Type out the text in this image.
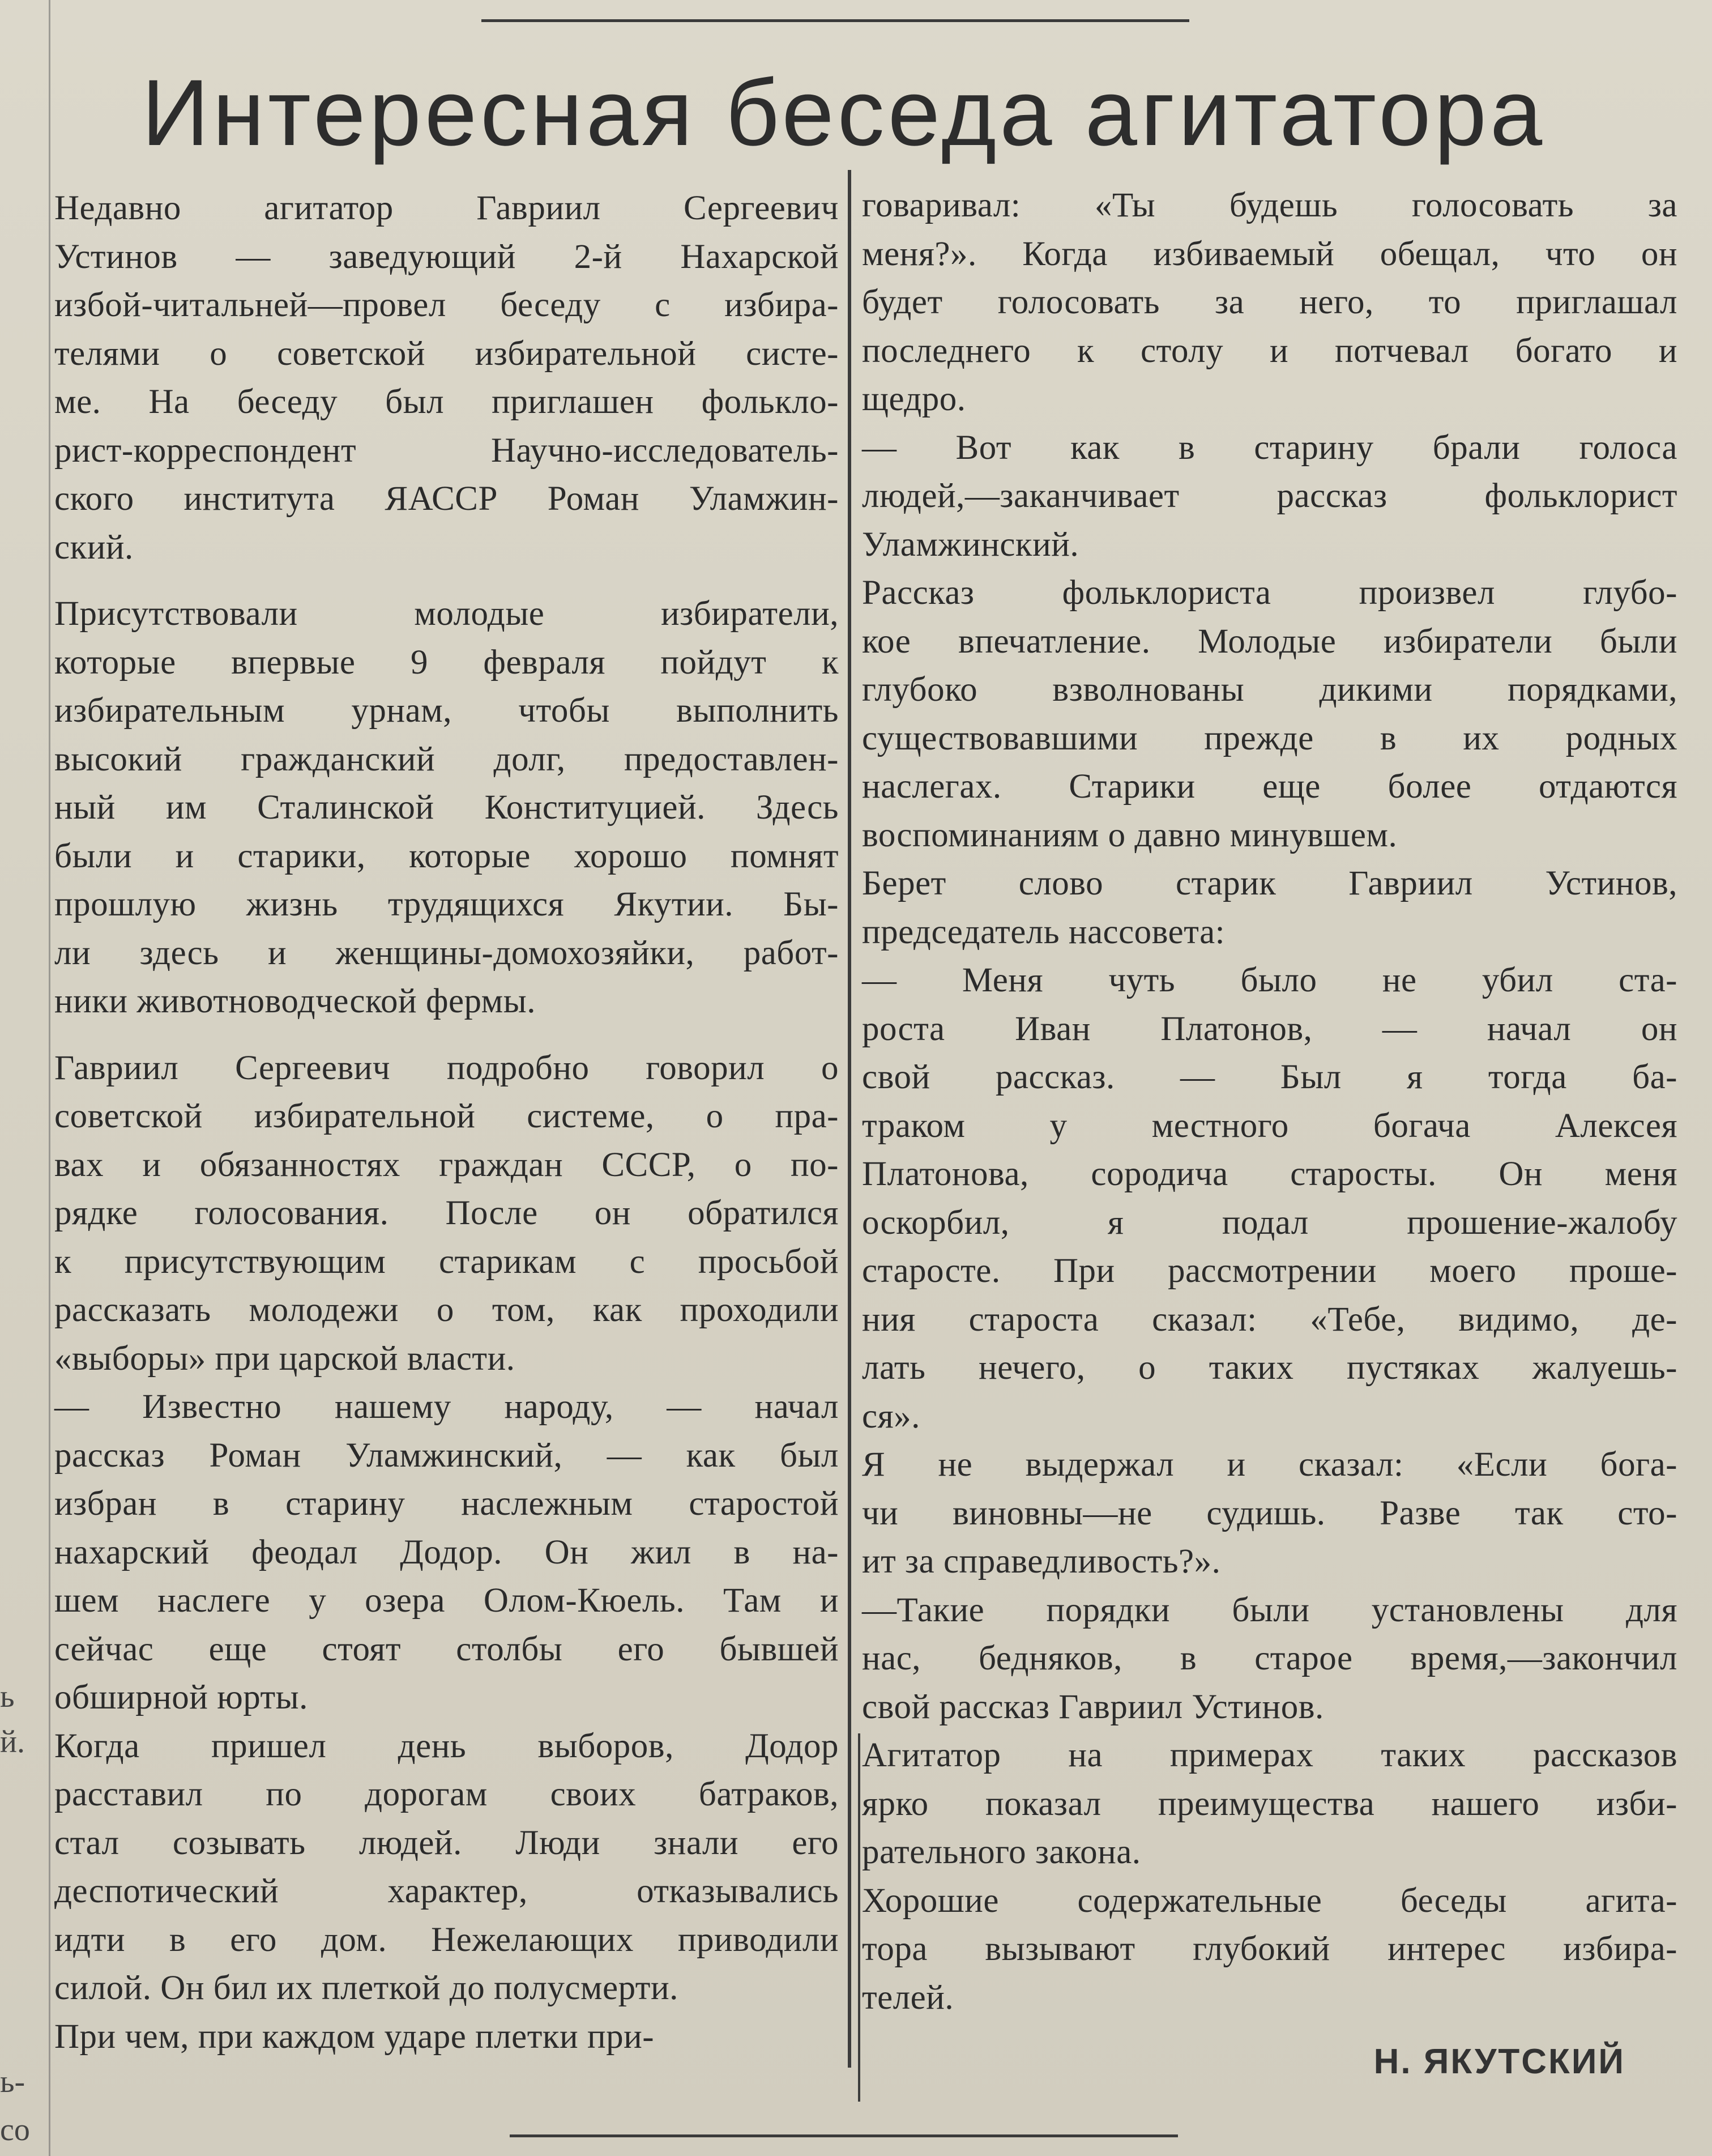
Интересная беседа агитатора
Недавно агитатор Гавриил Сергеевич
Устинов — заведующий 2-й Нахарской
избой-читальней—провел беседу с избира-
телями о советской избирательной систе-
ме. На беседу был приглашен фольклo-
рист-корреспондент Научно-исследователь-
ского института ЯАССР Роман Уламжин-
ский.
Присутствовали молодые избиратели,
которые впервые 9 февраля пойдут к
избирательным урнам, чтобы выполнить
высокий гражданский долг, предоставлен-
ный им Сталинской Конституцией. Здесь
были и старики, которые хорошо помнят
прошлую жизнь трудящихся Якутии. Бы-
ли здесь и женщины-домохозяйки, работ-
ники животноводческой фермы.
Гавриил Сергеевич подробно говорил о
советской избирательной системе, о пра-
вах и обязанностях граждан СССР, о по-
рядке голосования. После он обратился
к присутствующим старикам с просьбой
рассказать молодежи о том, как проходили
«выборы» при царской власти.
— Известно нашему народу, — начал
рассказ Роман Уламжинский, — как был
избран в старину наслежным старостой
нахарский феодал Додор. Он жил в на-
шем наслеге у озера Олом-Кюель. Там и
сейчас еще стоят столбы его бывшей
обширной юрты.
Когда пришел день выборов, Додор
расставил по дорогам своих батраков,
стал созывать людей. Люди знали его
деспотический характер, отказывались
идти в его дом. Нежелающих приводили
силой. Он бил их плеткой до полусмерти.
При чем, при каждом ударе плетки при-
говаривал: «Ты будешь голосовать за
меня?». Когда избиваемый обещал, что он
будет голосовать за него, то приглашал
последнего к столу и потчевал богато и
щедро.
— Вот как в старину брали голоса
людей,—заканчивает рассказ фольклорист
Уламжинский.
Рассказ фольклориста произвел глубо-
кое впечатление. Молодые избиратели были
глубоко взволнованы дикими порядками,
существовавшими прежде в их родных
наслегах. Старики еще более отдаются
воспоминаниям о давно минувшем.
Берет слово старик Гавриил Устинов,
председатель нассовета:
— Меня чуть было не убил ста-
роста Иван Платонов, — начал он
свой рассказ. — Был я тогда ба-
траком у местного богача Алексея
Платонова, сородича старосты. Он меня
оскорбил, я подал прошение-жалобу
старосте. При рассмотрении моего проше-
ния староста сказал: «Тебе, видимо, де-
лать нечего, о таких пустяках жалуешь-
ся».
Я не выдержал и сказал: «Если бога-
чи виновны—не судишь. Разве так сто-
ит за справедливость?».
—Такие порядки были установлены для
нас, бедняков, в старое время,—закончил
свой рассказ Гавриил Устинов.
Агитатор на примерах таких рассказов
ярко показал преимущества нашего изби-
рательного закона.
Хорошие содержательные беседы агита-
тора вызывают глубокий интерес избира-
телей.
Н. ЯКУТСКИЙ
ь
й.
ь-
со
